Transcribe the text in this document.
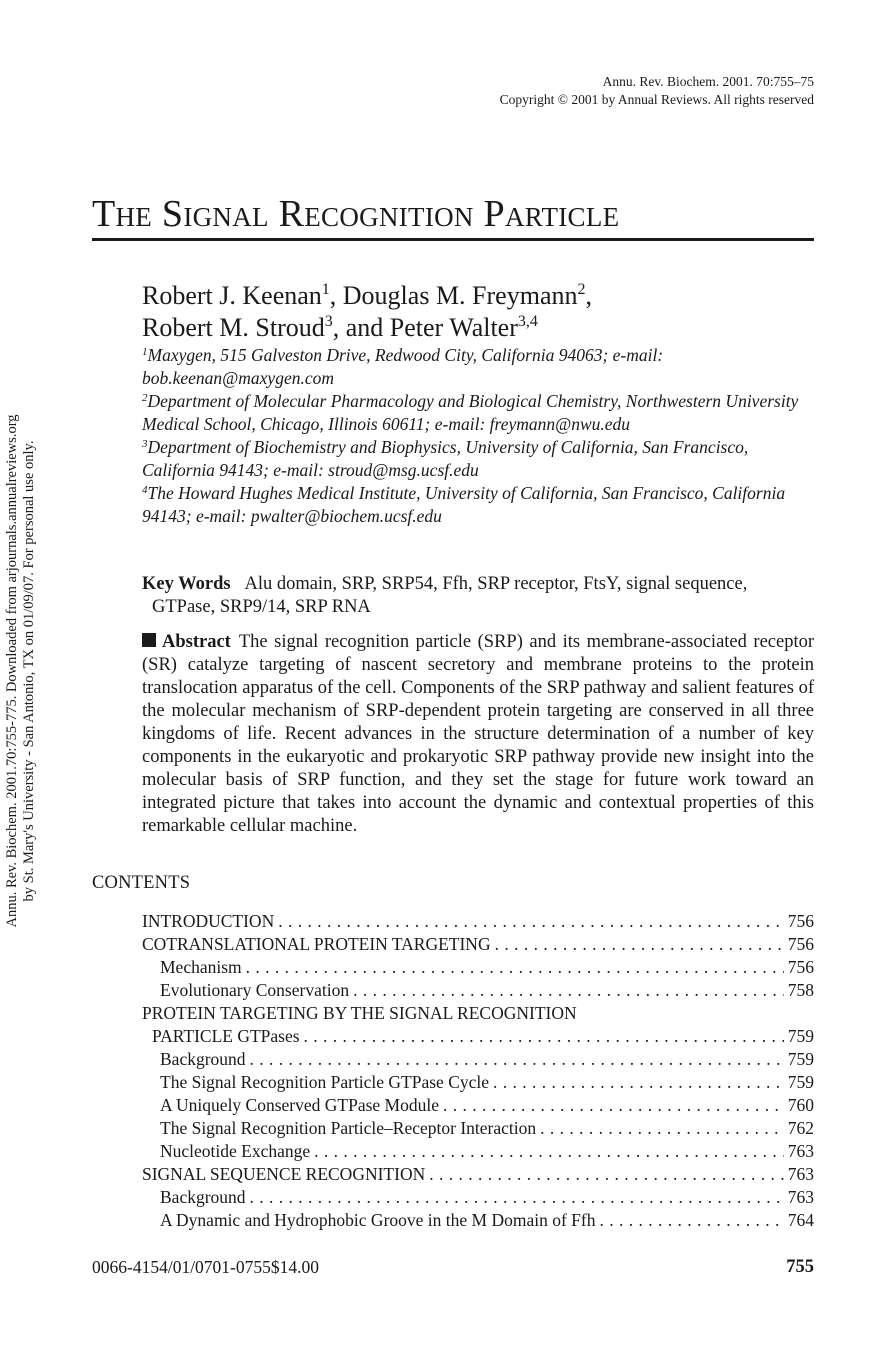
Annu. Rev. Biochem. 2001.70:755-775. Downloaded from arjournals.annualreviews.org by St. Mary's University - San Antonio, TX on 01/09/07. For personal use only.
Annu. Rev. Biochem. 2001. 70:755–75
Copyright © 2001 by Annual Reviews. All rights reserved
The Signal Recognition Particle
Robert J. Keenan$^1$, Douglas M. Freymann$^2$,
Robert M. Stroud$^3$, and Peter Walter$^{3,4}$
$^1$Maxygen, 515 Galveston Drive, Redwood City, California 94063; e-mail: bob.keenan@maxygen.com
$^2$Department of Molecular Pharmacology and Biological Chemistry, Northwestern University Medical School, Chicago, Illinois 60611; e-mail: freymann@nwu.edu
$^3$Department of Biochemistry and Biophysics, University of California, San Francisco, California 94143; e-mail: stroud@msg.ucsf.edu
$^4$The Howard Hughes Medical Institute, University of California, San Francisco, California 94143; e-mail: pwalter@biochem.ucsf.edu
Key Words Alu domain, SRP, SRP54, Ffh, SRP receptor, FtsY, signal sequence,
GTPase, SRP9/14, SRP RNA
Abstract The signal recognition particle (SRP) and its membrane-associated receptor (SR) catalyze targeting of nascent secretory and membrane proteins to the protein translocation apparatus of the cell. Components of the SRP pathway and salient features of the molecular mechanism of SRP-dependent protein targeting are conserved in all three kingdoms of life. Recent advances in the structure determination of a number of key components in the eukaryotic and prokaryotic SRP pathway provide new insight into the molecular basis of SRP function, and they set the stage for future work toward an integrated picture that takes into account the dynamic and contextual properties of this remarkable cellular machine.
CONTENTS
INTRODUCTION . . .	756
COTRANSLATIONAL PROTEIN TARGETING . . .	756
Mechanism . . .	756
Evolutionary Conservation . . .	758
PROTEIN TARGETING BY THE SIGNAL RECOGNITION
PARTICLE GTPases . . .	759
Background . . .	759
The Signal Recognition Particle GTPase Cycle . . .	759
A Uniquely Conserved GTPase Module . . .	760
The Signal Recognition Particle–Receptor Interaction . . .	762
Nucleotide Exchange . . .	763
SIGNAL SEQUENCE RECOGNITION . . .	763
Background . . .	763
A Dynamic and Hydrophobic Groove in the M Domain of Ffh . . .	764
0066-4154/01/0701-0755$14.00	755
